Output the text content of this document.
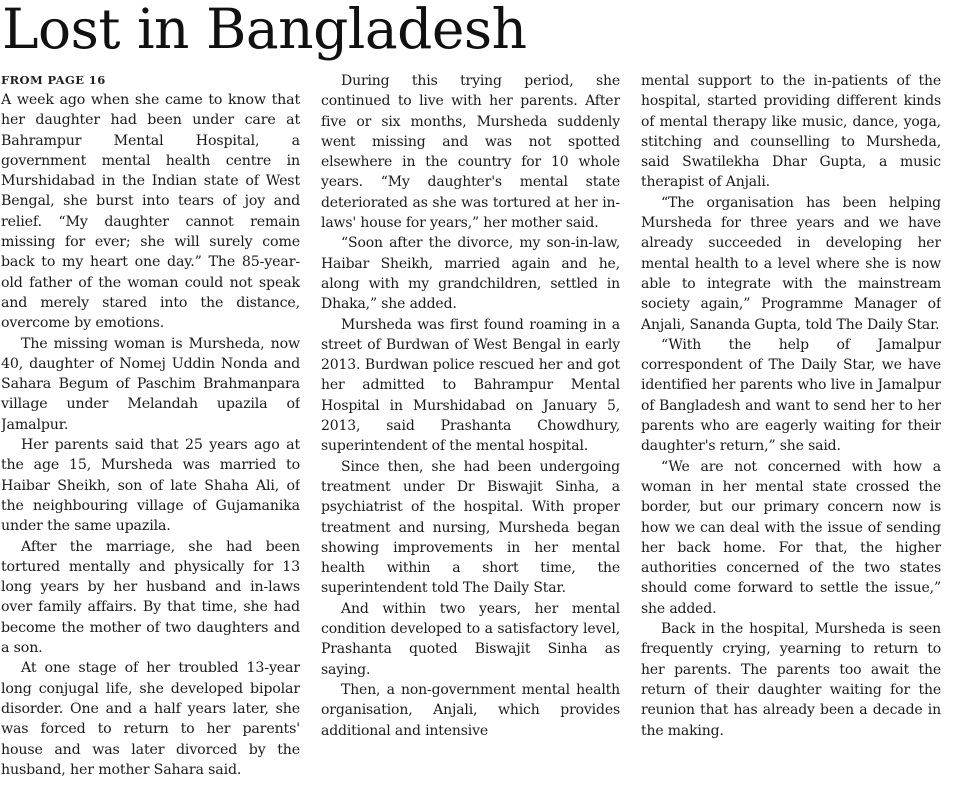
Lost in Bangladesh
FROM PAGE 16

A week ago when she came to know that her daughter had been under care at Bahrampur Mental Hospital, a government mental health centre in Murshidabad in the Indian state of West Bengal, she burst into tears of joy and relief. “My daughter cannot remain missing for ever; she will surely come back to my heart one day.” The 85-year-old father of the woman could not speak and merely stared into the distance, overcome by emotions.

The missing woman is Mursheda, now 40, daughter of Nomej Uddin Nonda and Sahara Begum of Paschim Brahmanpara village under Melandah upazila of Jamalpur.

Her parents said that 25 years ago at the age 15, Mursheda was married to Haibar Sheikh, son of late Shaha Ali, of the neighbouring village of Gujamanika under the same upazila.

After the marriage, she had been tortured mentally and physically for 13 long years by her husband and in-laws over family affairs. By that time, she had become the mother of two daughters and a son.

At one stage of her troubled 13-year long conjugal life, she developed bipolar disorder. One and a half years later, she was forced to return to her parents' house and was later divorced by the husband, her mother Sahara said.

During this trying period, she continued to live with her parents. After five or six months, Mursheda suddenly went missing and was not spotted elsewhere in the country for 10 whole years. “My daughter's mental state deteriorated as she was tortured at her in-laws' house for years,” her mother said.

“Soon after the divorce, my son-in-law, Haibar Sheikh, married again and he, along with my grandchildren, settled in Dhaka,” she added.

Mursheda was first found roaming in a street of Burdwan of West Bengal in early 2013. Burdwan police rescued her and got her admitted to Bahrampur Mental Hospital in Murshidabad on January 5, 2013, said Prashanta Chowdhury, superintendent of the mental hospital.

Since then, she had been undergoing treatment under Dr Biswajit Sinha, a psychiatrist of the hospital. With proper treatment and nursing, Mursheda began showing improvements in her mental health within a short time, the superintendent told The Daily Star.

And within two years, her mental condition developed to a satisfactory level, Prashanta quoted Biswajit Sinha as saying.

Then, a non-government mental health organisation, Anjali, which provides additional and intensive

mental support to the in-patients of the hospital, started providing different kinds of mental therapy like music, dance, yoga, stitching and counselling to Mursheda, said Swatilekha Dhar Gupta, a music therapist of Anjali.

“The organisation has been helping Mursheda for three years and we have already succeeded in developing her mental health to a level where she is now able to integrate with the mainstream society again,” Programme Manager of Anjali, Sananda Gupta, told The Daily Star.

“With the help of Jamalpur correspondent of The Daily Star, we have identified her parents who live in Jamalpur of Bangladesh and want to send her to her parents who are eagerly waiting for their daughter's return,” she said.

“We are not concerned with how a woman in her mental state crossed the border, but our primary concern now is how we can deal with the issue of sending her back home. For that, the higher authorities concerned of the two states should come forward to settle the issue,” she added.

Back in the hospital, Mursheda is seen frequently crying, yearning to return to her parents. The parents too await the return of their daughter waiting for the reunion that has already been a decade in the making.
